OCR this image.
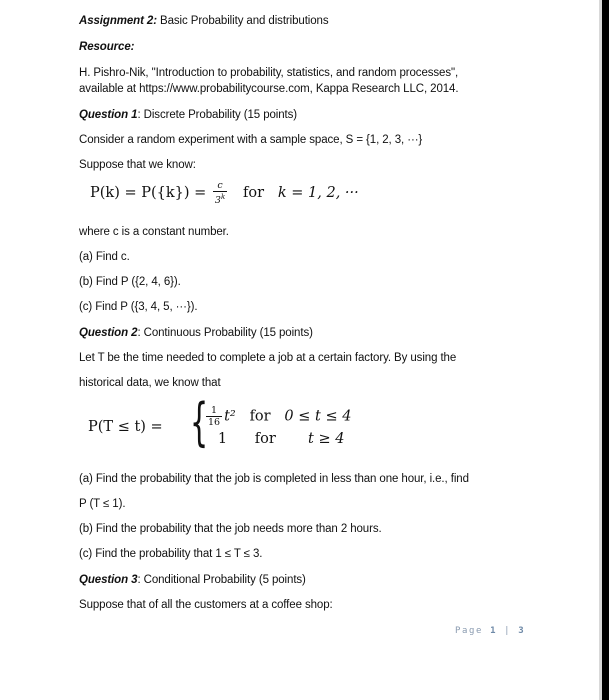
Assignment 2: Basic Probability and distributions
Resource:
H. Pishro-Nik, "Introduction to probability, statistics, and random processes",
available at https://www.probabilitycourse.com, Kappa Research LLC, 2014.
Question 1: Discrete Probability (15 points)
Consider a random experiment with a sample space, S = {1, 2, 3, ···}
Suppose that we know:
$P(k) = P(\{k\}) = \frac{c}{3^k}$ for k = 1, 2, ···
where c is a constant number.
(a) Find c.
(b) Find P ({2, 4, 6}).
(c) Find P ({3, 4, 5, ···}).
Question 2: Continuous Probability (15 points)
Let T be the time needed to complete a job at a certain factory. By using the
historical data, we know that
P(T ≤ t) = {
$\frac{1}{16} t^2$ for 0 ≤ t ≤ 4
1 for t ≥ 4
(a) Find the probability that the job is completed in less than one hour, i.e., find
P (T ≤ 1).
(b) Find the probability that the job needs more than 2 hours.
(c) Find the probability that 1 ≤ T ≤ 3.
Question 3: Conditional Probability (5 points)
Suppose that of all the customers at a coffee shop:
Page 1 | 3
